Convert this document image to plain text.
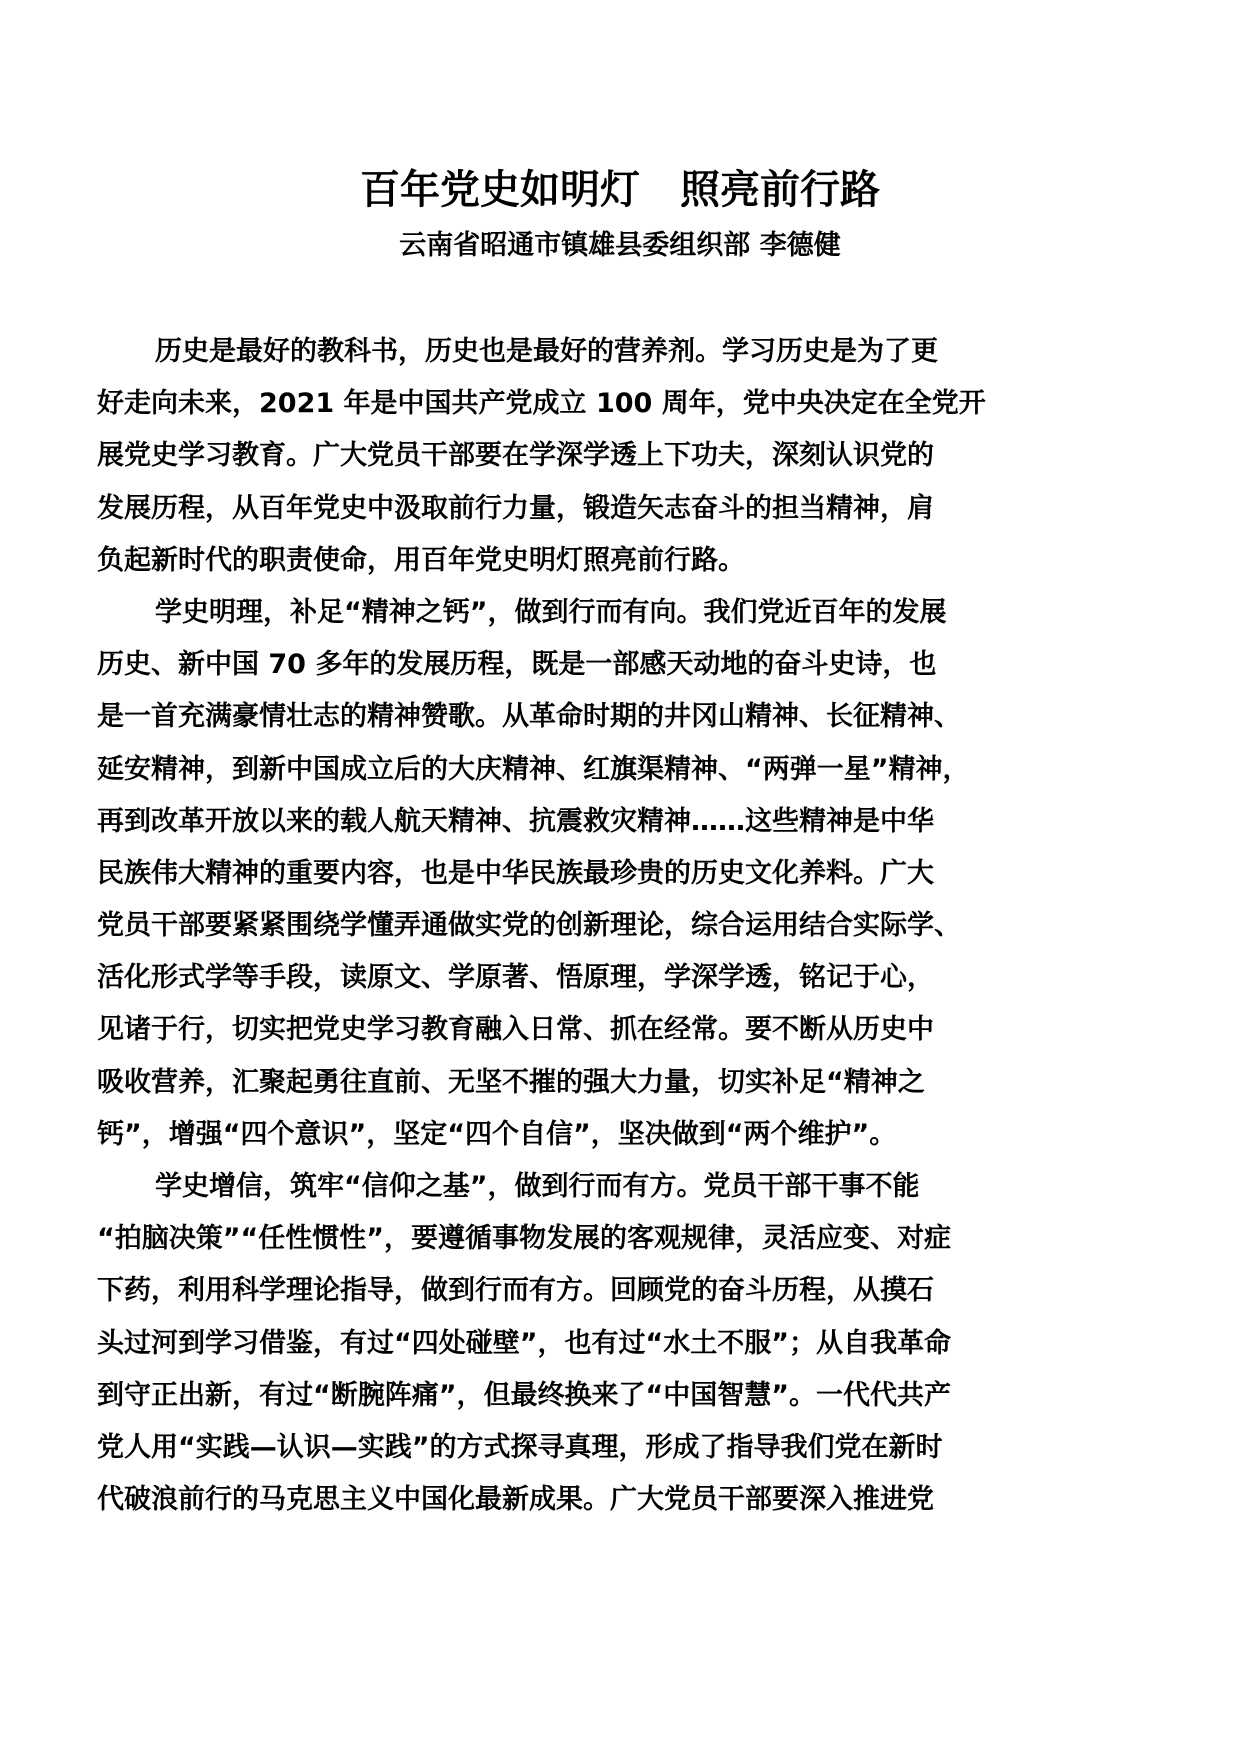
百年党史如明灯　照亮前行路
云南省昭通市镇雄县委组织部 李德健
历史是最好的教科书，历史也是最好的营养剂。学习历史是为了更
好走向未来，2021 年是中国共产党成立 100 周年，党中央决定在全党开
展党史学习教育。广大党员干部要在学深学透上下功夫，深刻认识党的
发展历程，从百年党史中汲取前行力量，锻造矢志奋斗的担当精神，肩
负起新时代的职责使命，用百年党史明灯照亮前行路。
学史明理，补足“精神之钙”，做到行而有向。我们党近百年的发展
历史、新中国 70 多年的发展历程，既是一部感天动地的奋斗史诗，也
是一首充满豪情壮志的精神赞歌。从革命时期的井冈山精神、长征精神、
延安精神，到新中国成立后的大庆精神、红旗渠精神、“两弹一星”精神，
再到改革开放以来的载人航天精神、抗震救灾精神……这些精神是中华
民族伟大精神的重要内容，也是中华民族最珍贵的历史文化养料。广大
党员干部要紧紧围绕学懂弄通做实党的创新理论，综合运用结合实际学、
活化形式学等手段，读原文、学原著、悟原理，学深学透，铭记于心，
见诸于行，切实把党史学习教育融入日常、抓在经常。要不断从历史中
吸收营养，汇聚起勇往直前、无坚不摧的强大力量，切实补足“精神之
钙”，增强“四个意识”，坚定“四个自信”，坚决做到“两个维护”。
学史增信，筑牢“信仰之基”，做到行而有方。党员干部干事不能
“拍脑决策”“任性惯性”，要遵循事物发展的客观规律，灵活应变、对症
下药，利用科学理论指导，做到行而有方。回顾党的奋斗历程，从摸石
头过河到学习借鉴，有过“四处碰壁”，也有过“水土不服”；从自我革命
到守正出新，有过“断腕阵痛”，但最终换来了“中国智慧”。一代代共产
党人用“实践—认识—实践”的方式探寻真理，形成了指导我们党在新时
代破浪前行的马克思主义中国化最新成果。广大党员干部要深入推进党
